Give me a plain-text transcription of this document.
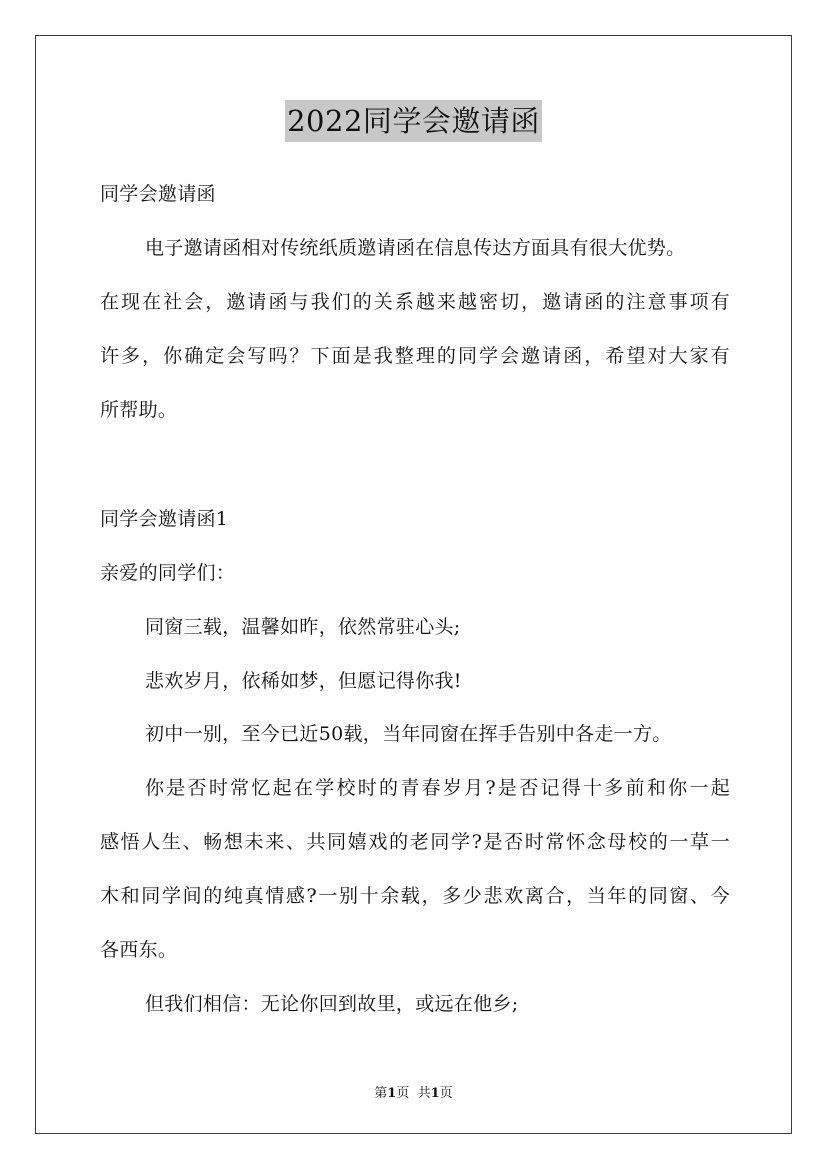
2022同学会邀请函
同学会邀请函
电子邀请函相对传统纸质邀请函在信息传达方面具有很大优势。
在现在社会，邀请函与我们的关系越来越密切，邀请函的注意事项有
许多，你确定会写吗？下面是我整理的同学会邀请函，希望对大家有
所帮助。
同学会邀请函1
亲爱的同学们：
同窗三载，温馨如昨，依然常驻心头;
悲欢岁月，依稀如梦，但愿记得你我!
初中一别，至今已近50载，当年同窗在挥手告别中各走一方。
你是否时常忆起在学校时的青春岁月?是否记得十多前和你一起
感悟人生、畅想未来、共同嬉戏的老同学?是否时常怀念母校的一草一
木和同学间的纯真情感?一别十余载，多少悲欢离合，当年的同窗、今
各西东。
但我们相信：无论你回到故里，或远在他乡;
第1页 共1页
